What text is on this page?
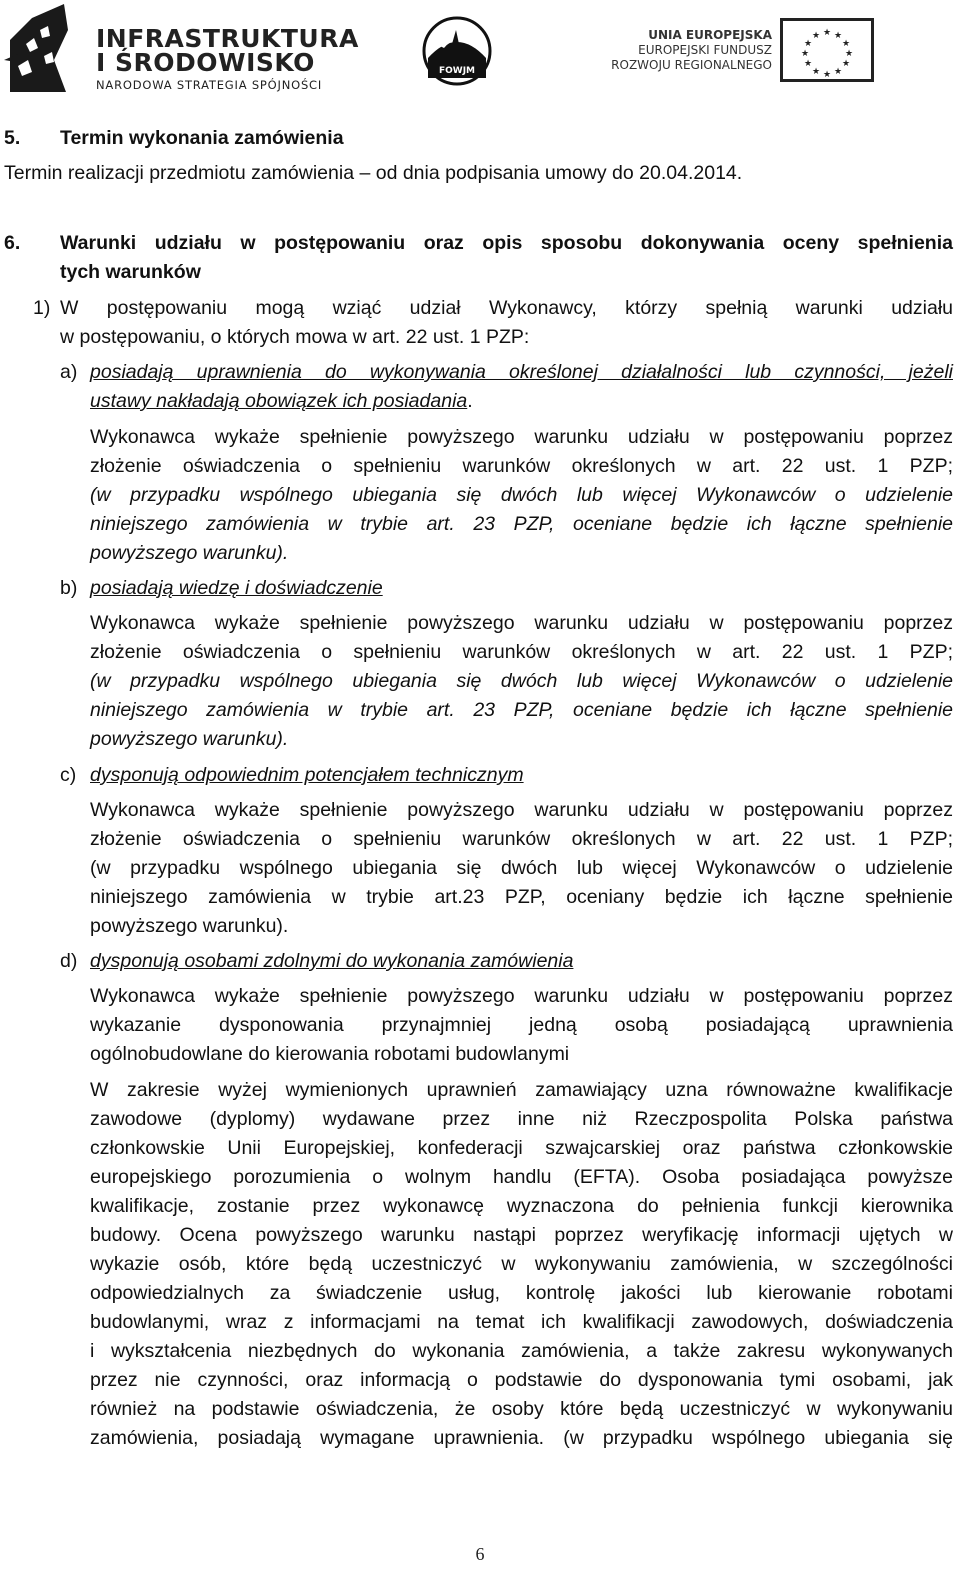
INFRASTRUKTURA
I ŚRODOWISKO
NARODOWA STRATEGIA SPÓJNOŚCI
FOWJM
UNIA EUROPEJSKA
EUROPEJSKI FUNDUSZ
ROZWOJU REGIONALNEGO
★ ★
★
★
★
★
★
★
★
★
★
★
5. Termin wykonania zamówienia
Termin realizacji przedmiotu zamówienia – od dnia podpisania umowy do 20.04.2014.
6. Warunki udziału w postępowaniu oraz opis sposobu dokonywania oceny spełnienia
tych warunków
1) W postępowaniu mogą wziąć udział Wykonawcy, którzy spełnią warunki udziału
w postępowaniu, o których mowa w art. 22 ust. 1 PZP:
a) posiadają uprawnienia do wykonywania określonej działalności lub czynności, jeżeli
ustawy nakładają obowiązek ich posiadania.
Wykonawca wykaże spełnienie powyższego warunku udziału w postępowaniu poprzez
złożenie oświadczenia o spełnieniu warunków określonych w art. 22 ust. 1 PZP;
(w przypadku wspólnego ubiegania się dwóch lub więcej Wykonawców o udzielenie
niniejszego zamówienia w trybie art. 23 PZP, oceniane będzie ich łączne spełnienie
powyższego warunku).
b) posiadają wiedzę i doświadczenie
Wykonawca wykaże spełnienie powyższego warunku udziału w postępowaniu poprzez
złożenie oświadczenia o spełnieniu warunków określonych w art. 22 ust. 1 PZP;
(w przypadku wspólnego ubiegania się dwóch lub więcej Wykonawców o udzielenie
niniejszego zamówienia w trybie art. 23 PZP, oceniane będzie ich łączne spełnienie
powyższego warunku).
c) dysponują odpowiednim potencjałem technicznym
Wykonawca wykaże spełnienie powyższego warunku udziału w postępowaniu poprzez
złożenie oświadczenia o spełnieniu warunków określonych w art. 22 ust. 1 PZP;
(w przypadku wspólnego ubiegania się dwóch lub więcej Wykonawców o udzielenie
niniejszego zamówienia w trybie art.23 PZP, oceniany będzie ich łączne spełnienie
powyższego warunku).
d) dysponują osobami zdolnymi do wykonania zamówienia
Wykonawca wykaże spełnienie powyższego warunku udziału w postępowaniu poprzez
wykazanie dysponowania przynajmniej jedną osobą posiadającą uprawnienia
ogólnobudowlane do kierowania robotami budowlanymi
W zakresie wyżej wymienionych uprawnień zamawiający uzna równoważne kwalifikacje
zawodowe (dyplomy) wydawane przez inne niż Rzeczpospolita Polska państwa
członkowskie Unii Europejskiej, konfederacji szwajcarskiej oraz państwa członkowskie
europejskiego porozumienia o wolnym handlu (EFTA). Osoba posiadająca powyższe
kwalifikacje, zostanie przez wykonawcę wyznaczona do pełnienia funkcji kierownika
budowy. Ocena powyższego warunku nastąpi poprzez weryfikację informacji ujętych w
wykazie osób, które będą uczestniczyć w wykonywaniu zamówienia, w szczególności
odpowiedzialnych za świadczenie usług, kontrolę jakości lub kierowanie robotami
budowlanymi, wraz z informacjami na temat ich kwalifikacji zawodowych, doświadczenia
i wykształcenia niezbędnych do wykonania zamówienia, a także zakresu wykonywanych
przez nie czynności, oraz informacją o podstawie do dysponowania tymi osobami, jak
również na podstawie oświadczenia, że osoby które będą uczestniczyć w wykonywaniu
zamówienia, posiadają wymagane uprawnienia. (w przypadku wspólnego ubiegania się
6
